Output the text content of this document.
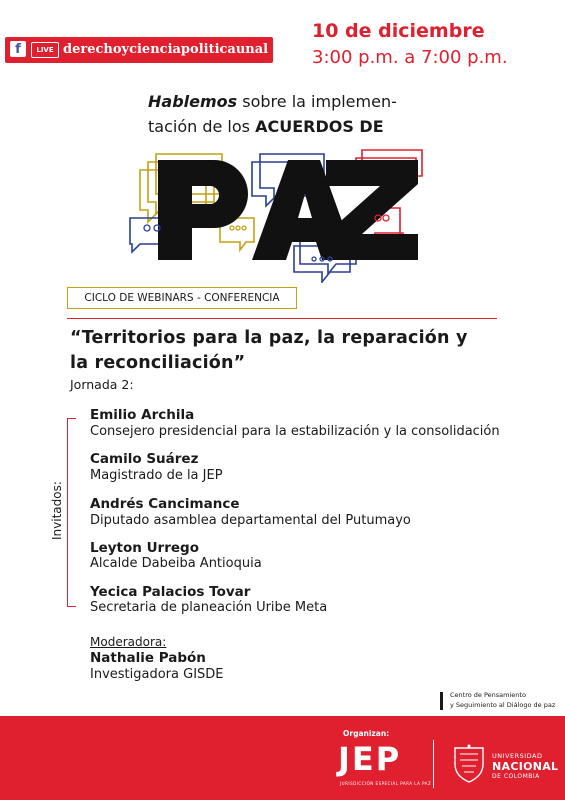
f	LIVE derechoycienciapoliticaunal
10 de diciembre
3:00 p.m. a 7:00 p.m.
Hablemos sobre la implemen-
tación de los ACUERDOS DE
CICLO DE WEBINARS - CONFERENCIA
“Territorios para la paz, la reparación y
la reconciliación”
Jornada 2:
Invitados:
Emilio Archila
Consejero presidencial para la estabilización y la consolidación
Camilo Suárez
Magistrado de la JEP
Andrés Cancimance
Diputado asamblea departamental del Putumayo
Leyton Urrego
Alcalde Dabeiba Antioquia
Yecica Palacios Tovar
Secretaria de planeación Uribe Meta
Moderadora:
Nathalie Pabón
Investigadora GISDE
Centro de Pensamiento
y Seguimiento al Diálogo de paz
Organizan:
JEP
JURISDICCIÓN ESPECIAL PARA LA PAZ
UNIVERSIDAD
NACIONAL
DE COLOMBIA
